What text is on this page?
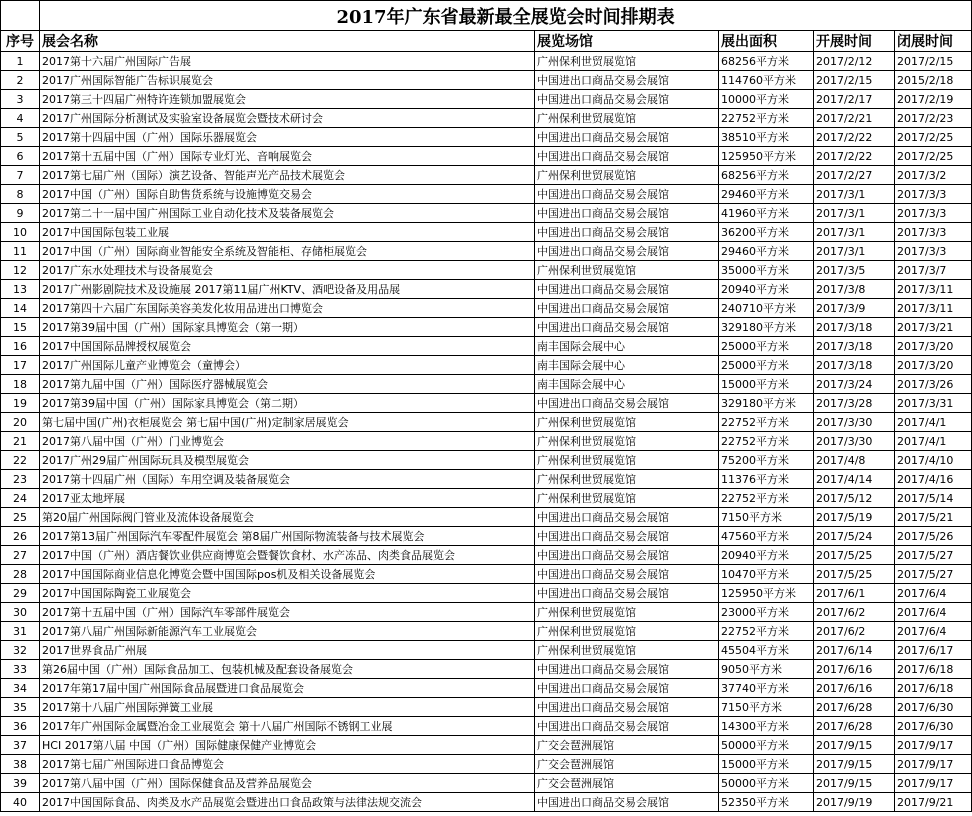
	2017年广东省最新最全展览会时间排期表				
序号	展会名称	展览场馆	展出面积	开展时间	闭展时间
1	2017第十六届广州国际广告展	广州保利世贸展览馆	68256平方米	2017/2/12	2017/2/15
2	2017广州国际智能广告标识展览会	中国进出口商品交易会展馆	114760平方米	2017/2/15	2015/2/18
3	2017第三十四届广州特许连锁加盟展览会	中国进出口商品交易会展馆	10000平方米	2017/2/17	2017/2/19
4	2017广州国际分析测试及实验室设备展览会暨技术研讨会	广州保利世贸展览馆	22752平方米	2017/2/21	2017/2/23
5	2017第十四届中国（广州）国际乐器展览会	中国进出口商品交易会展馆	38510平方米	2017/2/22	2017/2/25
6	2017第十五届中国（广州）国际专业灯光、音响展览会	中国进出口商品交易会展馆	125950平方米	2017/2/22	2017/2/25
7	2017第七届广州（国际）演艺设备、智能声光产品技术展览会	广州保利世贸展览馆	68256平方米	2017/2/27	2017/3/2
8	2017中国（广州）国际自助售货系统与设施博览交易会	中国进出口商品交易会展馆	29460平方米	2017/3/1	2017/3/3
9	2017第二十一届中国广州国际工业自动化技术及装备展览会	中国进出口商品交易会展馆	41960平方米	2017/3/1	2017/3/3
10	2017中国国际包装工业展	中国进出口商品交易会展馆	36200平方米	2017/3/1	2017/3/3
11	2017中国（广州）国际商业智能安全系统及智能柜、存储柜展览会	中国进出口商品交易会展馆	29460平方米	2017/3/1	2017/3/3
12	2017广东水处理技术与设备展览会	广州保利世贸展览馆	35000平方米	2017/3/5	2017/3/7
13	2017广州影剧院技术及设施展 2017第11届广州KTV、酒吧设备及用品展	中国进出口商品交易会展馆	20940平方米	2017/3/8	2017/3/11
14	2017第四十六届广东国际美容美发化妆用品进出口博览会	中国进出口商品交易会展馆	240710平方米	2017/3/9	2017/3/11
15	2017第39届中国（广州）国际家具博览会（第一期）	中国进出口商品交易会展馆	329180平方米	2017/3/18	2017/3/21
16	2017中国国际品牌授权展览会	南丰国际会展中心	25000平方米	2017/3/18	2017/3/20
17	2017广州国际儿童产业博览会（童博会）	南丰国际会展中心	25000平方米	2017/3/18	2017/3/20
18	2017第九届中国（广州）国际医疗器械展览会	南丰国际会展中心	15000平方米	2017/3/24	2017/3/26
19	2017第39届中国（广州）国际家具博览会（第二期）	中国进出口商品交易会展馆	329180平方米	2017/3/28	2017/3/31
20	第七届中国(广州)衣柜展览会 第七届中国(广州)定制家居展览会	广州保利世贸展览馆	22752平方米	2017/3/30	2017/4/1
21	2017第八届中国（广州）门业博览会	广州保利世贸展览馆	22752平方米	2017/3/30	2017/4/1
22	2017广州29届广州国际玩具及模型展览会	广州保利世贸展览馆	75200平方米	2017/4/8	2017/4/10
23	2017第十四届广州（国际）车用空调及装备展览会	广州保利世贸展览馆	11376平方米	2017/4/14	2017/4/16
24	2017亚太地坪展	广州保利世贸展览馆	22752平方米	2017/5/12	2017/5/14
25	第20届广州国际阀门管业及流体设备展览会	中国进出口商品交易会展馆	7150平方米	2017/5/19	2017/5/21
26	2017第13届广州国际汽车零配件展览会 第8届广州国际物流装备与技术展览会	中国进出口商品交易会展馆	47560平方米	2017/5/24	2017/5/26
27	2017中国（广州）酒店餐饮业供应商博览会暨餐饮食材、水产冻品、肉类食品展览会	中国进出口商品交易会展馆	20940平方米	2017/5/25	2017/5/27
28	2017中国国际商业信息化博览会暨中国国际pos机及相关设备展览会	中国进出口商品交易会展馆	10470平方米	2017/5/25	2017/5/27
29	2017中国国际陶瓷工业展览会	中国进出口商品交易会展馆	125950平方米	2017/6/1	2017/6/4
30	2017第十五届中国（广州）国际汽车零部件展览会	广州保利世贸展览馆	23000平方米	2017/6/2	2017/6/4
31	2017第八届广州国际新能源汽车工业展览会	广州保利世贸展览馆	22752平方米	2017/6/2	2017/6/4
32	2017世界食品广州展	广州保利世贸展览馆	45504平方米	2017/6/14	2017/6/17
33	第26届中国（广州）国际食品加工、包装机械及配套设备展览会	中国进出口商品交易会展馆	9050平方米	2017/6/16	2017/6/18
34	2017年第17届中国广州国际食品展暨进口食品展览会	中国进出口商品交易会展馆	37740平方米	2017/6/16	2017/6/18
35	2017第十八届广州国际弹簧工业展	中国进出口商品交易会展馆	7150平方米	2017/6/28	2017/6/30
36	2017年广州国际金属暨冶金工业展览会 第十八届广州国际不锈钢工业展	中国进出口商品交易会展馆	14300平方米	2017/6/28	2017/6/30
37	HCI 2017第八届 中国（广州）国际健康保健产业博览会	广交会琶洲展馆	50000平方米	2017/9/15	2017/9/17
38	2017第七届广州国际进口食品博览会	广交会琶洲展馆	15000平方米	2017/9/15	2017/9/17
39	2017第八届中国（广州）国际保健食品及营养品展览会	广交会琶洲展馆	50000平方米	2017/9/15	2017/9/17
40	2017中国国际食品、肉类及水产品展览会暨进出口食品政策与法律法规交流会	中国进出口商品交易会展馆	52350平方米	2017/9/19	2017/9/21
